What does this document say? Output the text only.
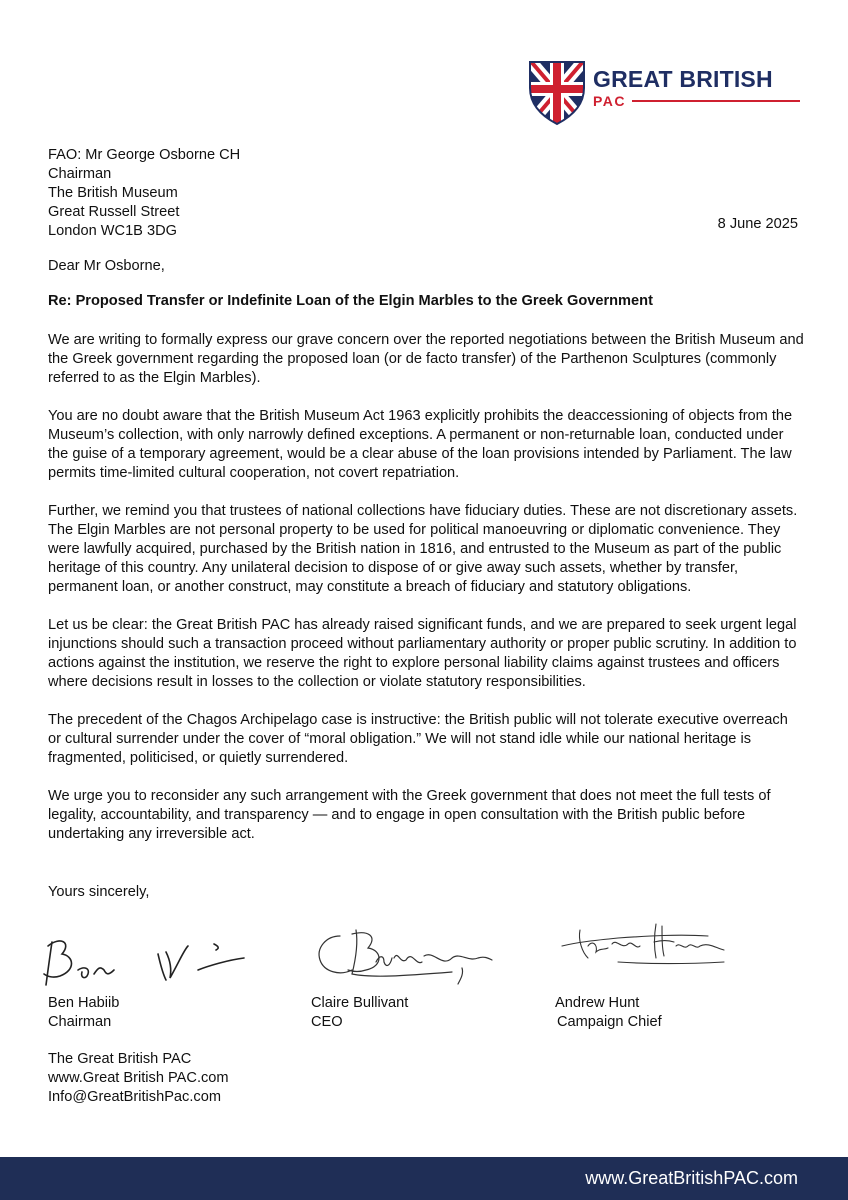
GREAT BRITISH
PAC
FAO: Mr George Osborne CH
Chairman
The British Museum
Great Russell Street
London WC1B 3DG	8 June 2025
Dear Mr Osborne,
Re: Proposed Transfer or Indefinite Loan of the Elgin Marbles to the Greek Government

We are writing to formally express our grave concern over the reported negotiations between the British Museum and the Greek government regarding the proposed loan (or de facto transfer) of the Parthenon Sculptures (commonly referred to as the Elgin Marbles).

You are no doubt aware that the British Museum Act 1963 explicitly prohibits the deaccessioning of objects from the Museum’s collection, with only narrowly defined exceptions. A permanent or non-returnable loan, conducted under the guise of a temporary agreement, would be a clear abuse of the loan provisions intended by Parliament. The law permits time-limited cultural cooperation, not covert repatriation.

Further, we remind you that trustees of national collections have fiduciary duties. These are not discretionary assets. The Elgin Marbles are not personal property to be used for political manoeuvring or diplomatic convenience. They were lawfully acquired, purchased by the British nation in 1816, and entrusted to the Museum as part of the public heritage of this country. Any unilateral decision to dispose of or give away such assets, whether by transfer, permanent loan, or another construct, may constitute a breach of fiduciary and statutory obligations.

Let us be clear: the Great British PAC has already raised significant funds, and we are prepared to seek urgent legal injunctions should such a transaction proceed without parliamentary authority or proper public scrutiny. In addition to actions against the institution, we reserve the right to explore personal liability claims against trustees and officers where decisions result in losses to the collection or violate statutory responsibilities.

The precedent of the Chagos Archipelago case is instructive: the British public will not tolerate executive overreach or cultural surrender under the cover of “moral obligation.” We will not stand idle while our national heritage is fragmented, politicised, or quietly surrendered.

We urge you to reconsider any such arrangement with the Greek government that does not meet the full tests of legality, accountability, and transparency — and to engage in open consultation with the British public before undertaking any irreversible act.

Yours sincerely,
Ben Habiib
Chairman
Claire Bullivant
CEO
Andrew Hunt
Campaign Chief
The Great British PAC
www.Great British PAC.com
Info@GreatBritishPac.com
www.GreatBritishPAC.com
